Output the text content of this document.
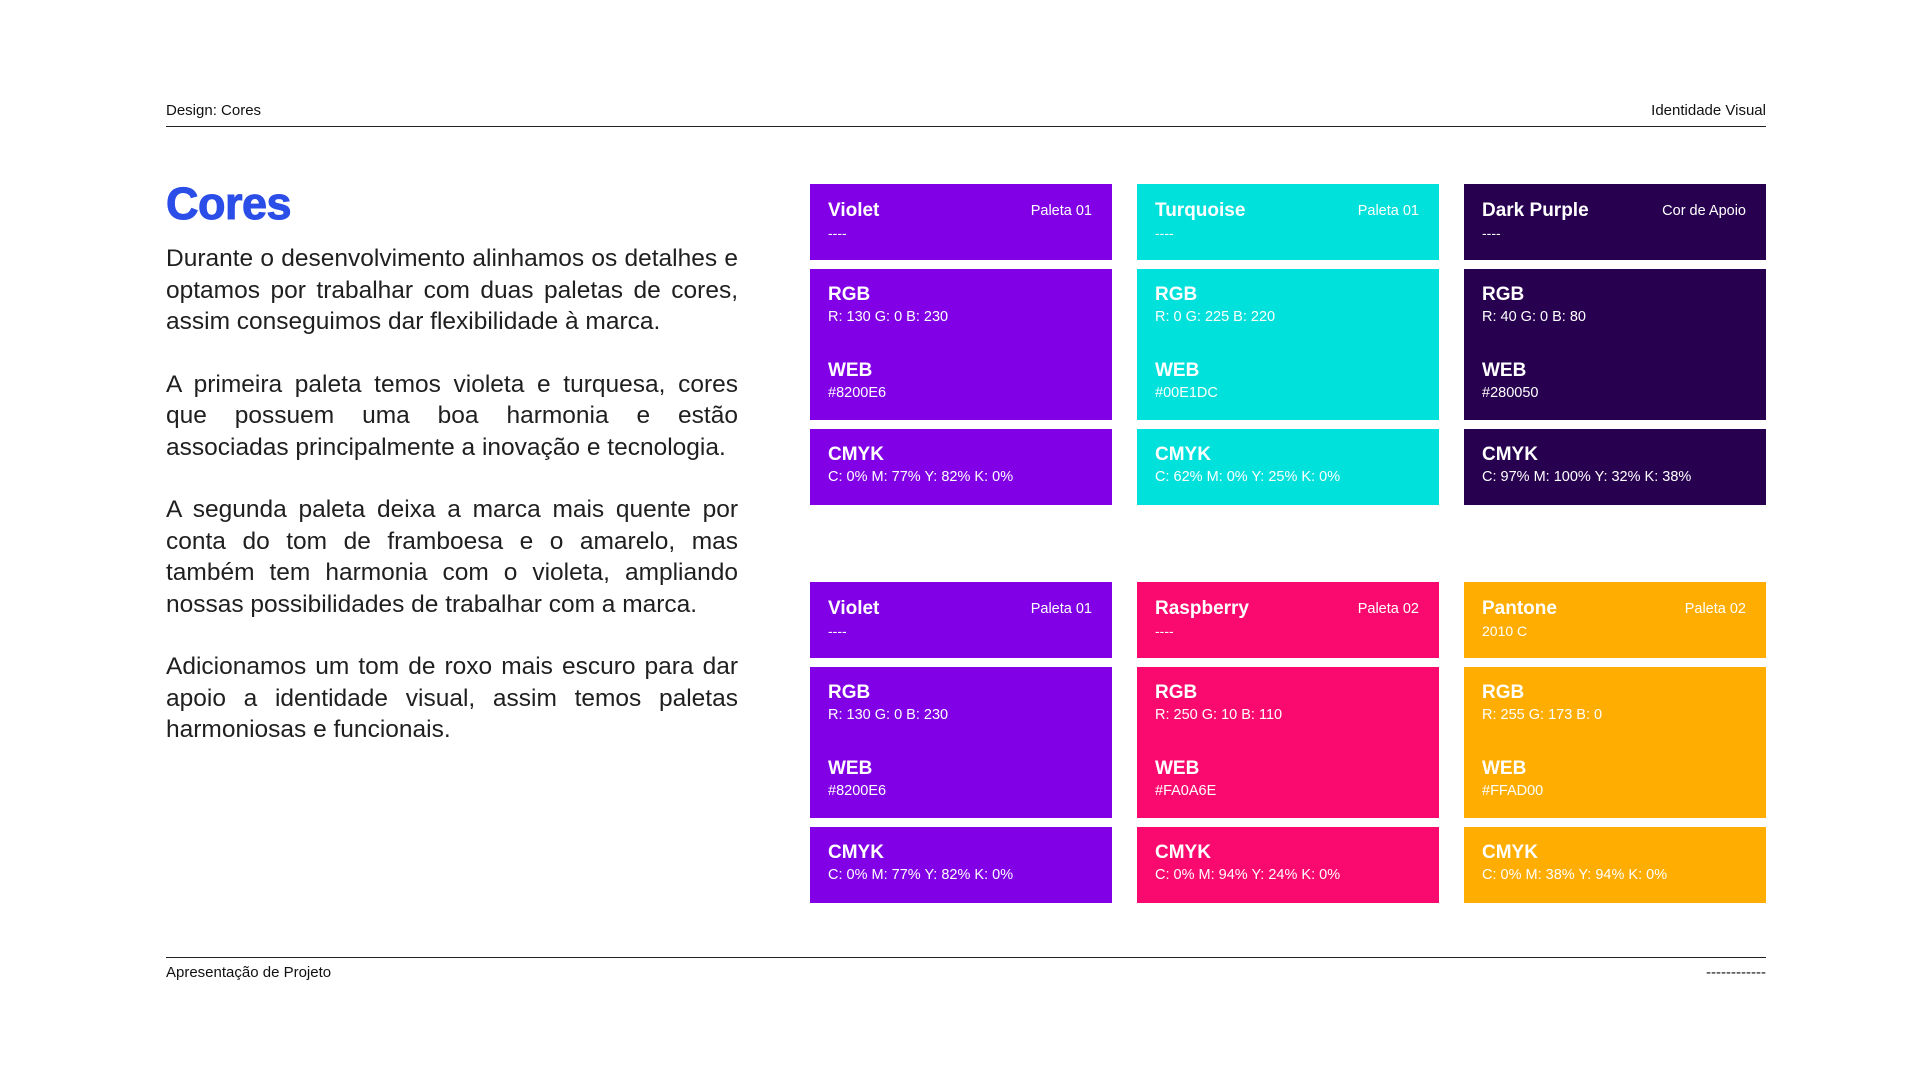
Design: Cores	Identidade Visual
Cores

Durante o desenvolvimento alinhamos os detalhes e optamos por trabalhar com duas paletas de cores, assim conseguimos dar flexibilidade à marca.

A primeira paleta temos violeta e turquesa, cores que possuem uma boa harmonia e estão associadas principalmente a inovação e tecnologia.

A segunda paleta deixa a marca mais quente por conta do tom de framboesa e o amarelo, mas também tem harmonia com o violeta, ampliando nossas possibilidades de trabalhar com a marca.

Adicionamos um tom de roxo mais escuro para dar apoio a identidade visual, assim temos paletas harmoniosas e funcionais.

Violet	Paleta 01
----
RGB
R: 130 G: 0 B: 230
WEB
#8200E6
CMYK
C: 0% M: 77% Y: 82% K: 0%
Turquoise	Paleta 01
----
RGB
R: 0 G: 225 B: 220
WEB
#00E1DC
CMYK
C: 62% M: 0% Y: 25% K: 0%
Dark Purple	Cor de Apoio
----
RGB
R: 40 G: 0 B: 80
WEB
#280050
CMYK
C: 97% M: 100% Y: 32% K: 38%
Violet	Paleta 01
----
RGB
R: 130 G: 0 B: 230
WEB
#8200E6
CMYK
C: 0% M: 77% Y: 82% K: 0%
Raspberry	Paleta 02
----
RGB
R: 250 G: 10 B: 110
WEB
#FA0A6E
CMYK
C: 0% M: 94% Y: 24% K: 0%
Pantone	Paleta 02
2010 C
RGB
R: 255 G: 173 B: 0
WEB
#FFAD00
CMYK
C: 0% M: 38% Y: 94% K: 0%
Apresentação de Projeto	------------
